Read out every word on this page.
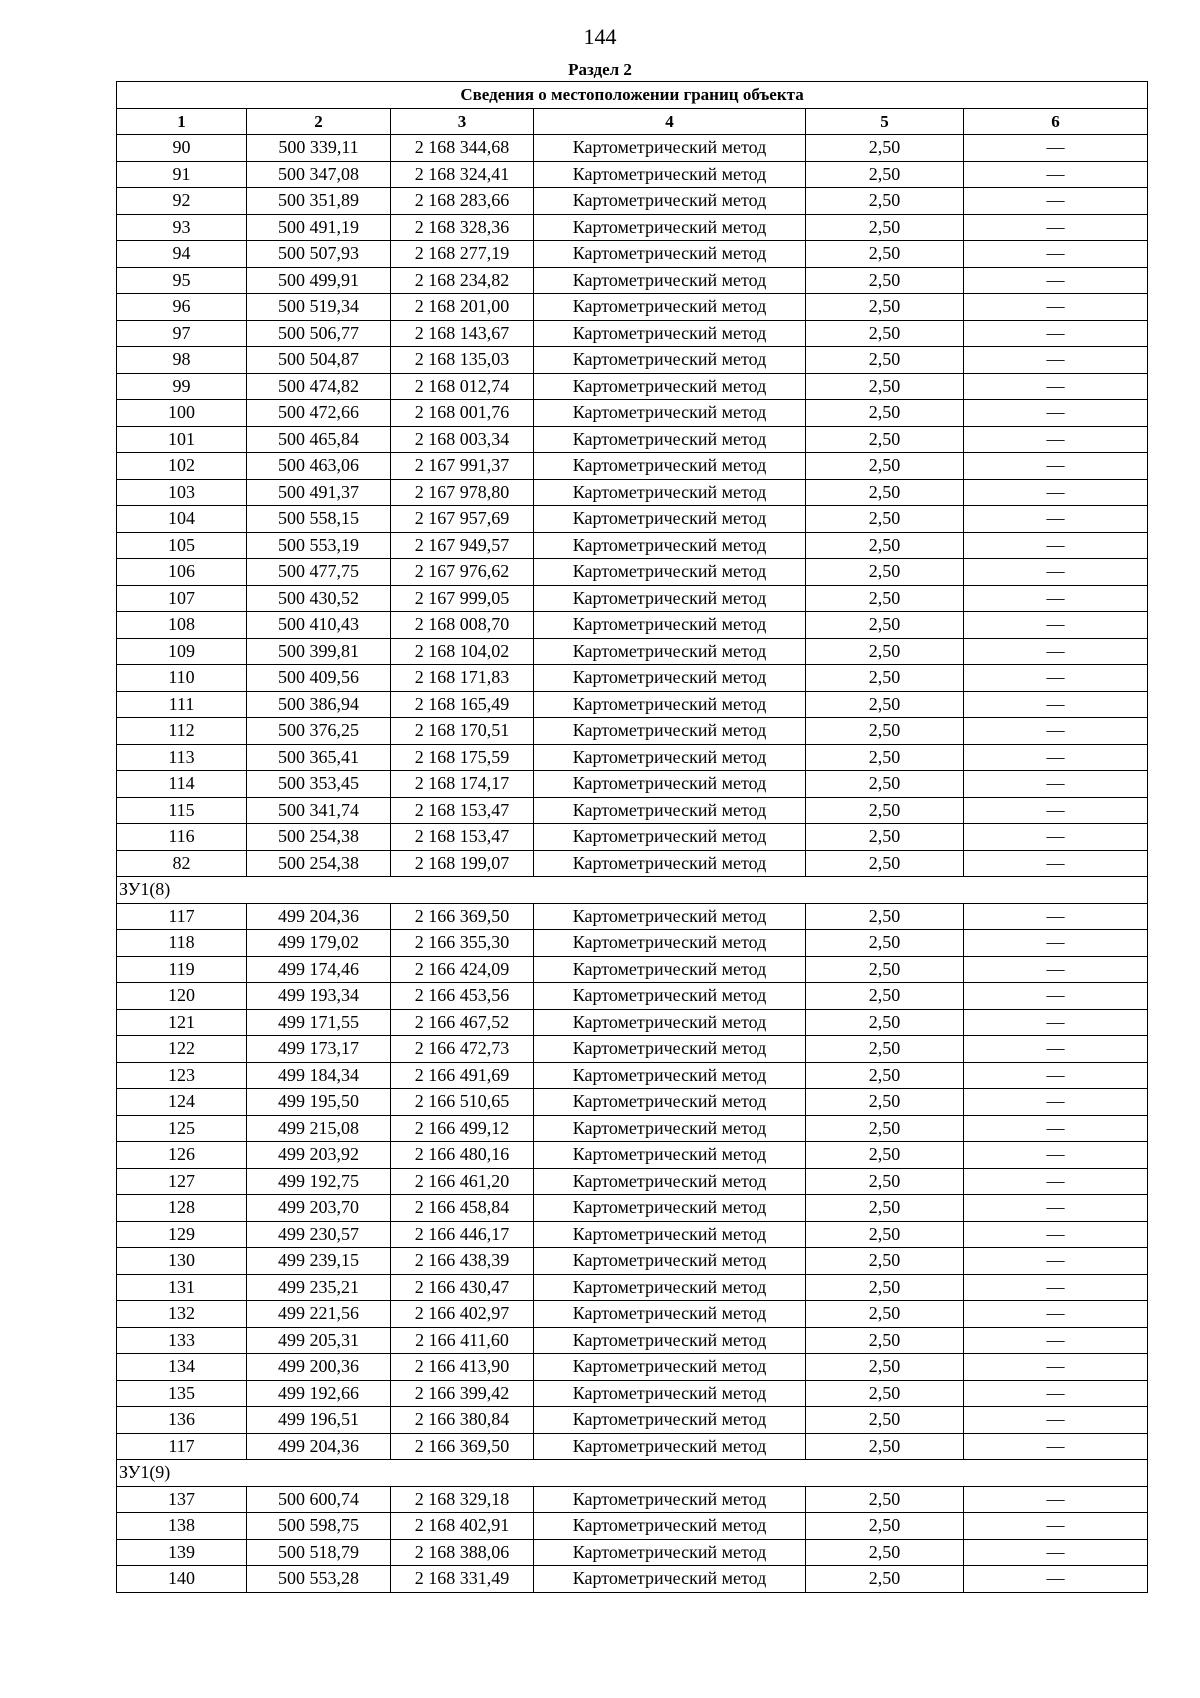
144
Раздел 2
Сведения о местоположении границ объекта					
1	2	3	4	5	6
90	500 339,11	2 168 344,68	Картометрический метод	2,50	—
91	500 347,08	2 168 324,41	Картометрический метод	2,50	—
92	500 351,89	2 168 283,66	Картометрический метод	2,50	—
93	500 491,19	2 168 328,36	Картометрический метод	2,50	—
94	500 507,93	2 168 277,19	Картометрический метод	2,50	—
95	500 499,91	2 168 234,82	Картометрический метод	2,50	—
96	500 519,34	2 168 201,00	Картометрический метод	2,50	—
97	500 506,77	2 168 143,67	Картометрический метод	2,50	—
98	500 504,87	2 168 135,03	Картометрический метод	2,50	—
99	500 474,82	2 168 012,74	Картометрический метод	2,50	—
100	500 472,66	2 168 001,76	Картометрический метод	2,50	—
101	500 465,84	2 168 003,34	Картометрический метод	2,50	—
102	500 463,06	2 167 991,37	Картометрический метод	2,50	—
103	500 491,37	2 167 978,80	Картометрический метод	2,50	—
104	500 558,15	2 167 957,69	Картометрический метод	2,50	—
105	500 553,19	2 167 949,57	Картометрический метод	2,50	—
106	500 477,75	2 167 976,62	Картометрический метод	2,50	—
107	500 430,52	2 167 999,05	Картометрический метод	2,50	—
108	500 410,43	2 168 008,70	Картометрический метод	2,50	—
109	500 399,81	2 168 104,02	Картометрический метод	2,50	—
110	500 409,56	2 168 171,83	Картометрический метод	2,50	—
111	500 386,94	2 168 165,49	Картометрический метод	2,50	—
112	500 376,25	2 168 170,51	Картометрический метод	2,50	—
113	500 365,41	2 168 175,59	Картометрический метод	2,50	—
114	500 353,45	2 168 174,17	Картометрический метод	2,50	—
115	500 341,74	2 168 153,47	Картометрический метод	2,50	—
116	500 254,38	2 168 153,47	Картометрический метод	2,50	—
82	500 254,38	2 168 199,07	Картометрический метод	2,50	—
ЗУ1(8)					
117	499 204,36	2 166 369,50	Картометрический метод	2,50	—
118	499 179,02	2 166 355,30	Картометрический метод	2,50	—
119	499 174,46	2 166 424,09	Картометрический метод	2,50	—
120	499 193,34	2 166 453,56	Картометрический метод	2,50	—
121	499 171,55	2 166 467,52	Картометрический метод	2,50	—
122	499 173,17	2 166 472,73	Картометрический метод	2,50	—
123	499 184,34	2 166 491,69	Картометрический метод	2,50	—
124	499 195,50	2 166 510,65	Картометрический метод	2,50	—
125	499 215,08	2 166 499,12	Картометрический метод	2,50	—
126	499 203,92	2 166 480,16	Картометрический метод	2,50	—
127	499 192,75	2 166 461,20	Картометрический метод	2,50	—
128	499 203,70	2 166 458,84	Картометрический метод	2,50	—
129	499 230,57	2 166 446,17	Картометрический метод	2,50	—
130	499 239,15	2 166 438,39	Картометрический метод	2,50	—
131	499 235,21	2 166 430,47	Картометрический метод	2,50	—
132	499 221,56	2 166 402,97	Картометрический метод	2,50	—
133	499 205,31	2 166 411,60	Картометрический метод	2,50	—
134	499 200,36	2 166 413,90	Картометрический метод	2,50	—
135	499 192,66	2 166 399,42	Картометрический метод	2,50	—
136	499 196,51	2 166 380,84	Картометрический метод	2,50	—
117	499 204,36	2 166 369,50	Картометрический метод	2,50	—
ЗУ1(9)					
137	500 600,74	2 168 329,18	Картометрический метод	2,50	—
138	500 598,75	2 168 402,91	Картометрический метод	2,50	—
139	500 518,79	2 168 388,06	Картометрический метод	2,50	—
140	500 553,28	2 168 331,49	Картометрический метод	2,50	—
